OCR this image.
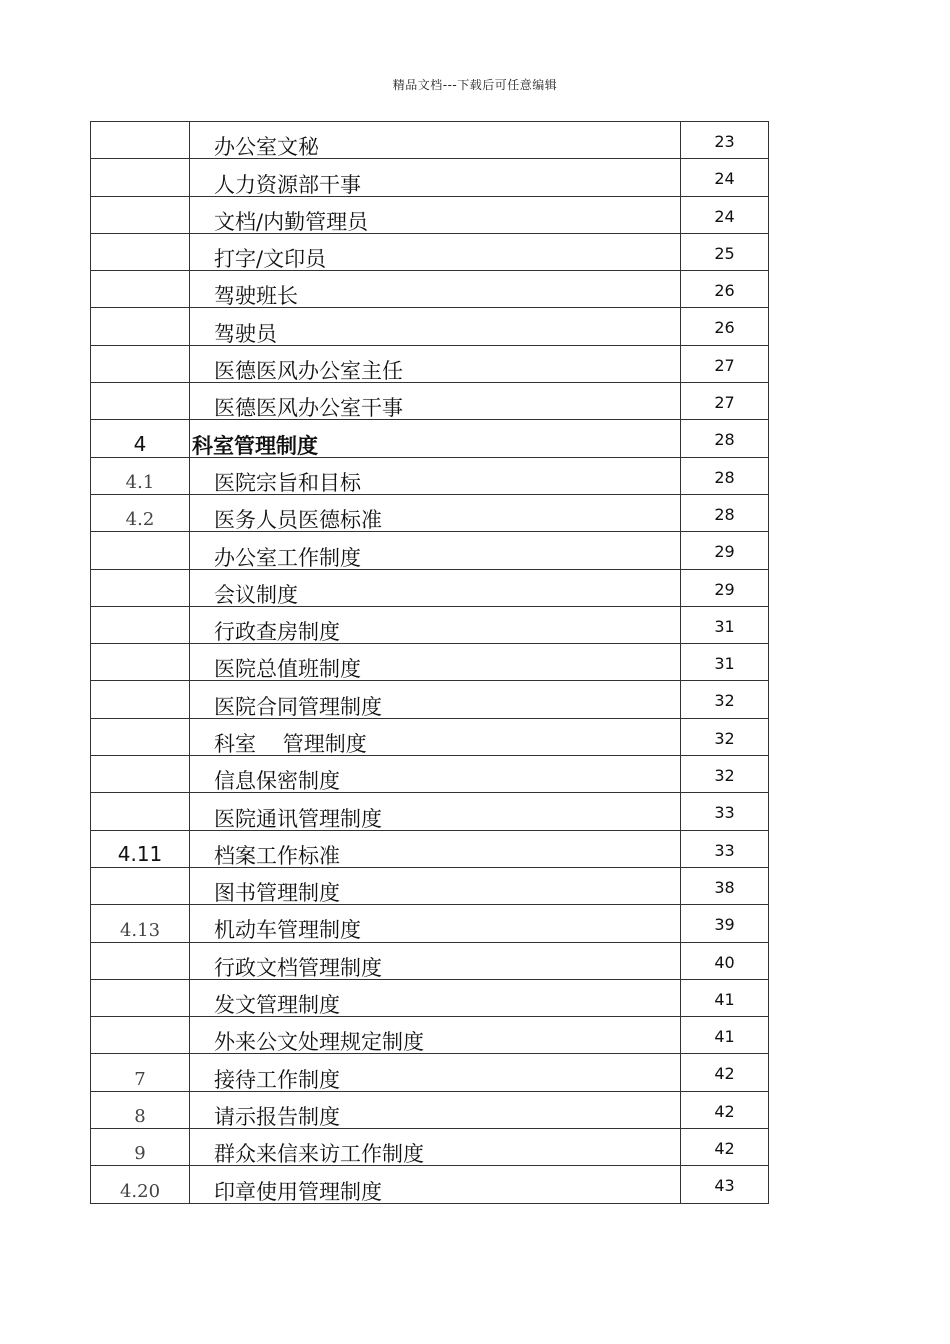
精品文档---下载后可任意编辑
	办公室文秘	23
	人力资源部干事	24
	文档/内勤管理员	24
	打字/文印员	25
	驾驶班长	26
	驾驶员	26
	医德医风办公室主任	27
	医德医风办公室干事	27
4	科室管理制度	28
4.1	医院宗旨和目标	28
4.2	医务人员医德标准	28
	办公室工作制度	29
	会议制度	29
	行政查房制度	31
	医院总值班制度	31
	医院合同管理制度	32
	科室    管理制度	32
	信息保密制度	32
	医院通讯管理制度	33
4.11	档案工作标准	33
	图书管理制度	38
4.13	机动车管理制度	39
	行政文档管理制度	40
	发文管理制度	41
	外来公文处理规定制度	41
7	接待工作制度	42
8	请示报告制度	42
9	群众来信来访工作制度	42
4.20	印章使用管理制度	43
